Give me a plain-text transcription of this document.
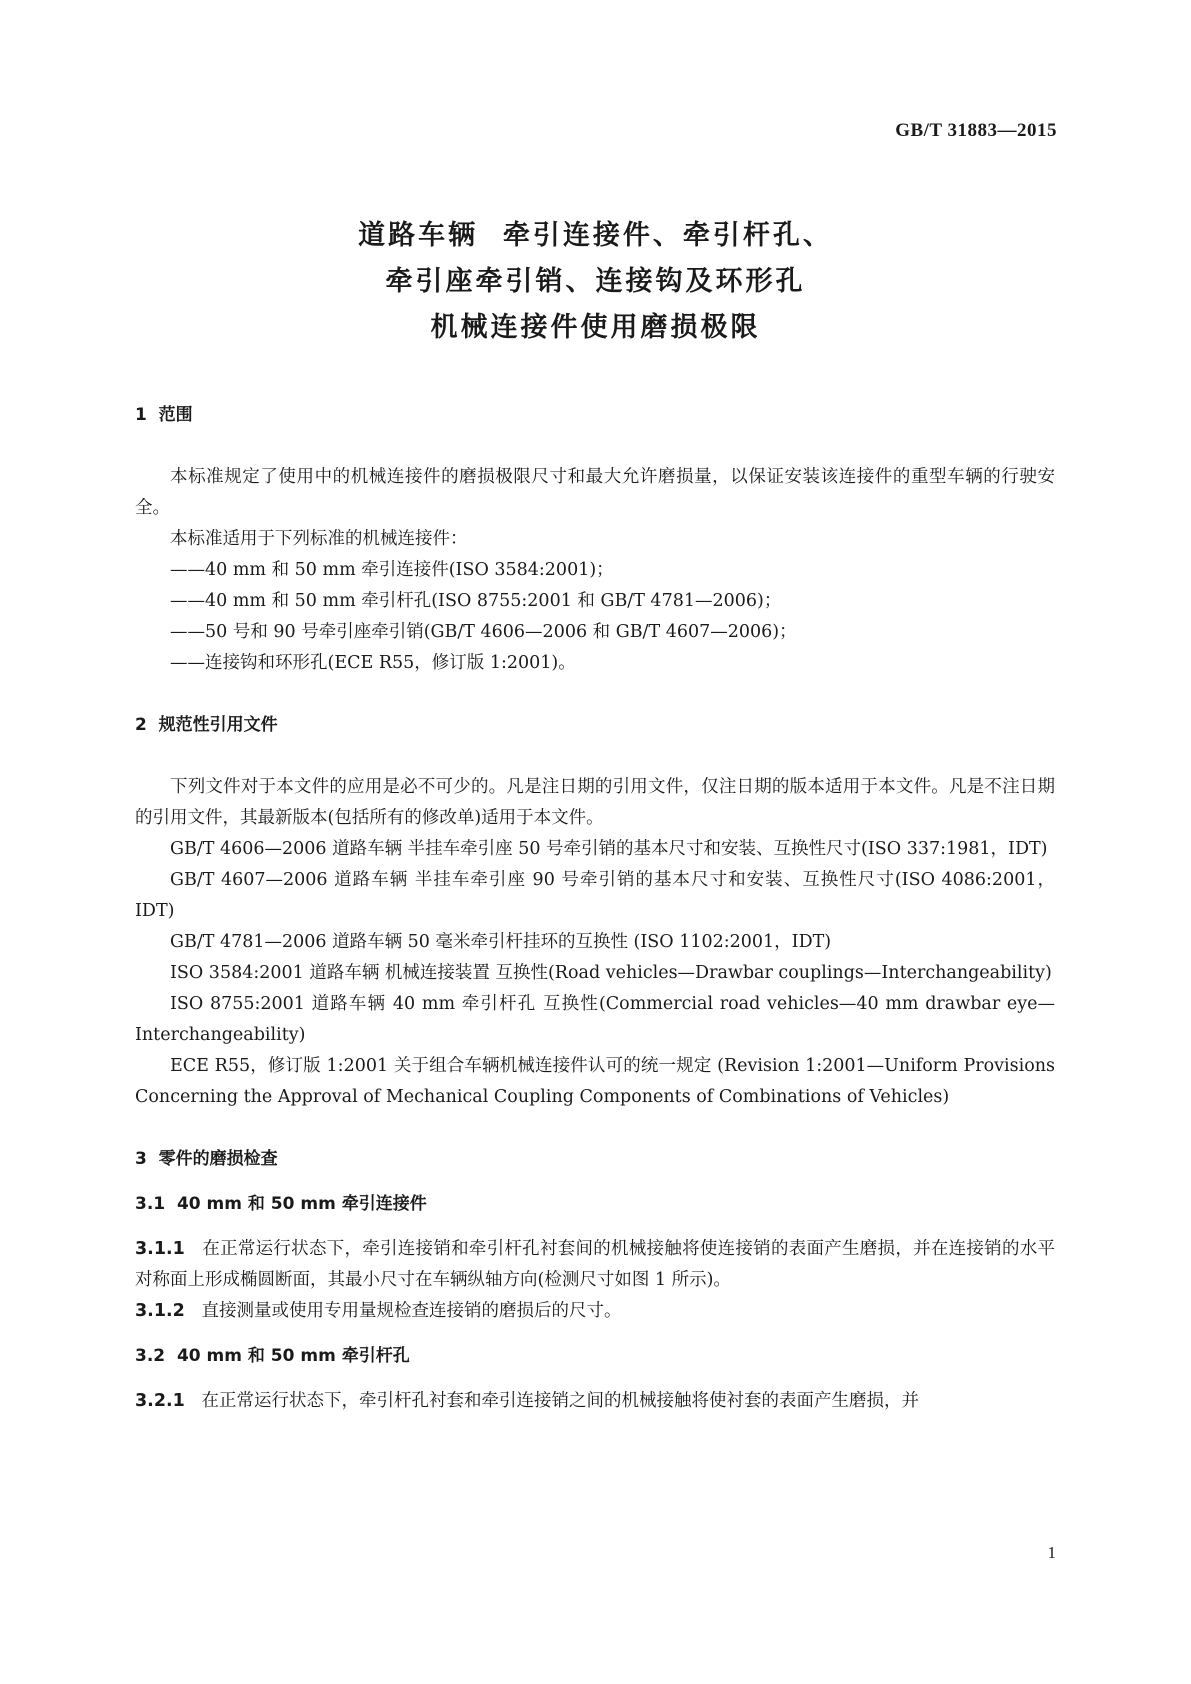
GB/T 31883—2015
道路车辆  牵引连接件、牵引杆孔、
牵引座牵引销、连接钩及环形孔
机械连接件使用磨损极限
1  范围
本标准规定了使用中的机械连接件的磨损极限尺寸和最大允许磨损量，以保证安装该连接件的重型车辆的行驶安全。
本标准适用于下列标准的机械连接件：
——40 mm 和 50 mm 牵引连接件(ISO 3584:2001)；
——40 mm 和 50 mm 牵引杆孔(ISO 8755:2001 和 GB/T 4781—2006)；
——50 号和 90 号牵引座牵引销(GB/T 4606—2006 和 GB/T 4607—2006)；
——连接钩和环形孔(ECE R55，修订版 1:2001)。
2  规范性引用文件
下列文件对于本文件的应用是必不可少的。凡是注日期的引用文件，仅注日期的版本适用于本文件。凡是不注日期的引用文件，其最新版本(包括所有的修改单)适用于本文件。
GB/T 4606—2006 道路车辆 半挂车牵引座 50 号牵引销的基本尺寸和安装、互换性尺寸(ISO 337:1981，IDT)
GB/T 4607—2006 道路车辆 半挂车牵引座 90 号牵引销的基本尺寸和安装、互换性尺寸(ISO 4086:2001，IDT)
GB/T 4781—2006 道路车辆 50 毫米牵引杆挂环的互换性 (ISO 1102:2001，IDT)
ISO 3584:2001 道路车辆 机械连接装置 互换性(Road vehicles—Drawbar couplings—Interchangeability)
ISO 8755:2001 道路车辆 40 mm 牵引杆孔 互换性(Commercial road vehicles—40 mm drawbar eye—Interchangeability)
ECE R55，修订版 1:2001 关于组合车辆机械连接件认可的统一规定 (Revision 1:2001—Uniform Provisions Concerning the Approval of Mechanical Coupling Components of Combinations of Vehicles)
3  零件的磨损检查
3.1  40 mm 和 50 mm 牵引连接件
3.1.1 在正常运行状态下，牵引连接销和牵引杆孔衬套间的机械接触将使连接销的表面产生磨损，并在连接销的水平对称面上形成椭圆断面，其最小尺寸在车辆纵轴方向(检测尺寸如图 1 所示)。
3.1.2 直接测量或使用专用量规检查连接销的磨损后的尺寸。
3.2  40 mm 和 50 mm 牵引杆孔
3.2.1 在正常运行状态下，牵引杆孔衬套和牵引连接销之间的机械接触将使衬套的表面产生磨损，并
1
